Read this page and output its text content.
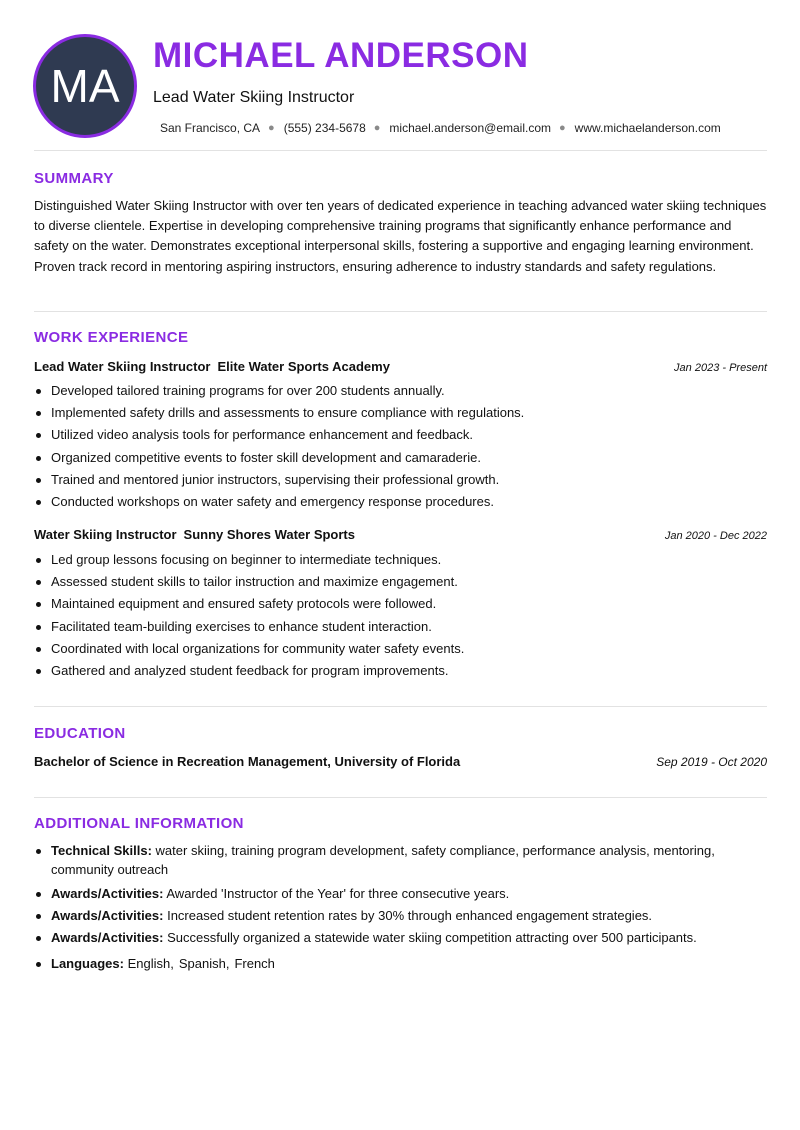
MA
MICHAEL ANDERSON
Lead Water Skiing Instructor
San Francisco, CA ● (555) 234-5678 ● michael.anderson@email.com ● www.michaelanderson.com
SUMMARY

Distinguished Water Skiing Instructor with over ten years of dedicated experience in teaching advanced water skiing techniques to diverse clientele. Expertise in developing comprehensive training programs that significantly enhance performance and safety on the water. Demonstrates exceptional interpersonal skills, fostering a supportive and engaging learning environment. Proven track record in mentoring aspiring instructors, ensuring adherence to industry standards and safety regulations.

WORK EXPERIENCE
Lead Water Skiing Instructor Elite Water Sports Academy	Jan 2023 - Present
Developed tailored training programs for over 200 students annually.
Implemented safety drills and assessments to ensure compliance with regulations.
Utilized video analysis tools for performance enhancement and feedback.
Organized competitive events to foster skill development and camaraderie.
Trained and mentored junior instructors, supervising their professional growth.
Conducted workshops on water safety and emergency response procedures.
Water Skiing Instructor Sunny Shores Water Sports	Jan 2020 - Dec 2022
Led group lessons focusing on beginner to intermediate techniques.
Assessed student skills to tailor instruction and maximize engagement.
Maintained equipment and ensured safety protocols were followed.
Facilitated team-building exercises to enhance student interaction.
Coordinated with local organizations for community water safety events.
Gathered and analyzed student feedback for program improvements.
EDUCATION
Bachelor of Science in Recreation Management, University of Florida	Sep 2019 - Oct 2020
ADDITIONAL INFORMATION
Technical Skills: water skiing, training program development, safety compliance, performance analysis, mentoring, community outreach
Awards/Activities: Awarded 'Instructor of the Year' for three consecutive years.
Awards/Activities: Increased student retention rates by 30% through enhanced engagement strategies.
Awards/Activities: Successfully organized a statewide water skiing competition attracting over 500 participants.
Languages: English, Spanish, French
